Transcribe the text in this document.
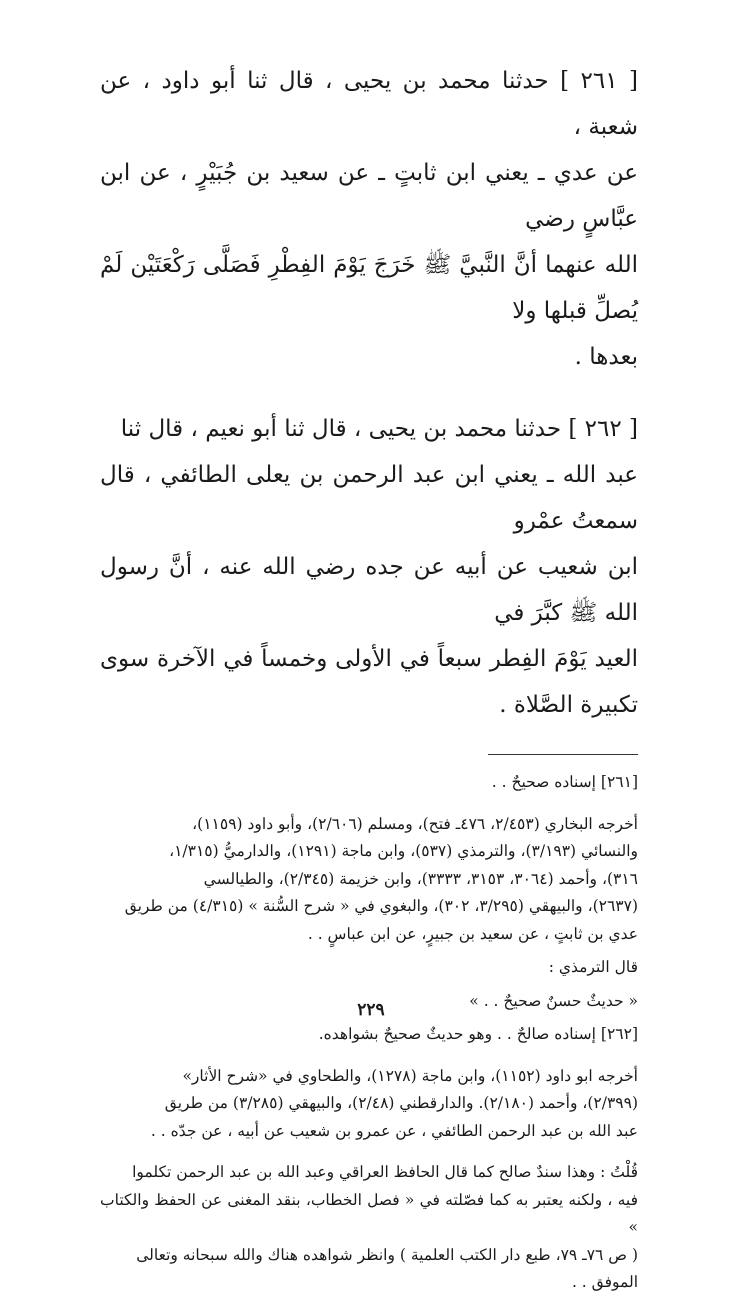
[ ٢٦١ ] حدثنا محمد بن يحيى ، قال ثنا أبو داود ، عن شعبة ،

عن عدي ـ يعني ابن ثابتٍ ـ عن سعيد بن جُبَيْرٍ ، عن ابن عبَّاسٍ رضي

الله عنهما أنَّ النَّبيَّ ﷺ خَرَجَ يَوْمَ الفِطْرِ فَصَلَّى رَكْعَتَيْن لَمْ يُصلِّ قبلها ولا

بعدها .

[ ٢٦٢ ] حدثنا محمد بن يحيى ، قال ثنا أبو نعيم ، قال ثنا

عبد الله ـ يعني ابن عبد الرحمن بن يعلى الطائفي ، قال سمعتُ عمْرو

ابن شعيب عن أبيه عن جده رضي الله عنه ، أنَّ رسول الله ﷺ كبَّرَ في

العيد يَوْمَ الفِطر سبعاً في الأولى وخمساً في الآخرة سوى تكبيرة الصَّلاة .

[٢٦١] إسناده صحيحٌ . .

أخرجه البخاري (٢/٤٥٣، ٤٧٦ـ فتح)، ومسلم (٢/٦٠٦)، وأبو داود (١١٥٩)،

والنسائي (٣/١٩٣)، والترمذي (٥٣٧)، وابن ماجة (١٢٩١)، والدارميُّ (١/٣١٥،

٣١٦)، وأحمد (٣٠٦٤، ٣١٥٣، ٣٣٣٣)، وابن خزيمة (٢/٣٤٥)، والطيالسي

(٢٦٣٧)، والبيهقي (٣/٢٩٥، ٣٠٢)، والبغوي في « شرح السُّنة » (٤/٣١٥) من طريق

عدي بن ثابتٍ ، عن سعيد بن جبيرٍ، عن ابن عباسٍ . .

قال الترمذي :

« حديثٌ حسنٌ صحيحٌ . . »

[٢٦٢] إسناده صالحٌ . . وهو حديثٌ صحيحٌ بشواهده.

أخرجه ابو داود (١١٥٢)، وابن ماجة (١٢٧٨)، والطحاوي في «شرح الأثار»

(٢/٣٩٩)، وأحمد (٢/١٨٠). والدارقطني (٢/٤٨)، والبيهقي (٣/٢٨٥) من طريق

عبد الله بن عبد الرحمن الطائفي ، عن عمرو بن شعيب عن أبيه ، عن جدّه . .

قُلْتُ : وهذا سندٌ صالح كما قال الحافظ العراقي وعبد الله بن عبد الرحمن تكلموا

فيه ، ولكنه يعتبر به كما فصّلته في « فصل الخطاب، بنقد المغنى عن الحفظ والكتاب »

( ص ٧٦ـ ٧٩، طبع دار الكتب العلمية ) وانظر شواهده هناك والله سبحانه وتعالى

الموفق . .

٢٢٩
